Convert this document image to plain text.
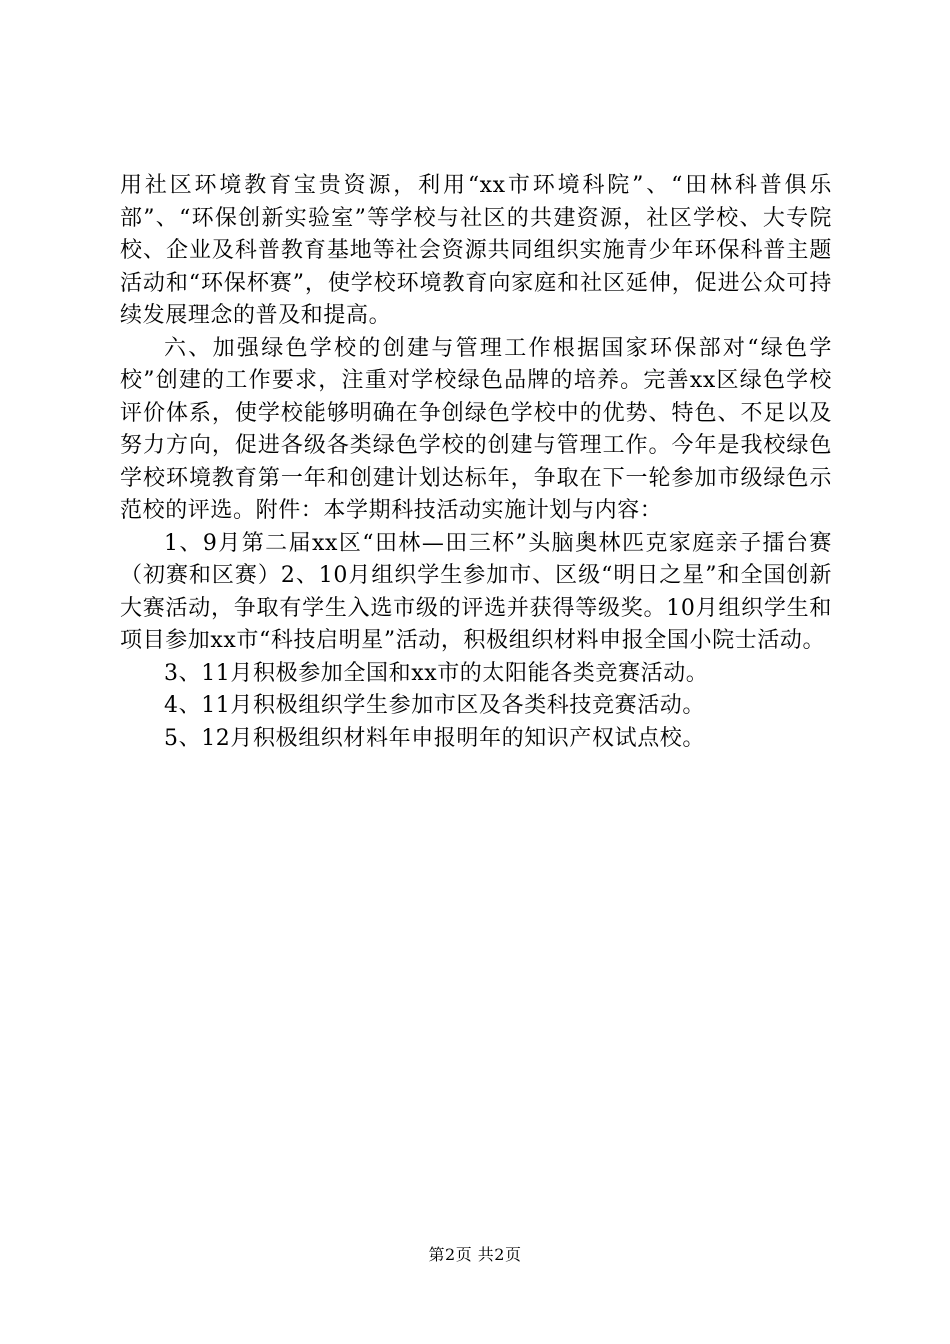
用社区环境教育宝贵资源，利用“xx市环境科院”、“田林科普俱乐部”、“环保创新实验室”等学校与社区的共建资源，社区学校、大专院校、企业及科普教育基地等社会资源共同组织实施青少年环保科普主题活动和“环保杯赛”，使学校环境教育向家庭和社区延伸，促进公众可持续发展理念的普及和提高。

六、加强绿色学校的创建与管理工作根据国家环保部对“绿色学校”创建的工作要求，注重对学校绿色品牌的培养。完善xx区绿色学校评价体系，使学校能够明确在争创绿色学校中的优势、特色、不足以及努力方向，促进各级各类绿色学校的创建与管理工作。今年是我校绿色学校环境教育第一年和创建计划达标年，争取在下一轮参加市级绿色示范校的评选。附件：本学期科技活动实施计划与内容：

1、9月第二届xx区“田林—田三杯”头脑奥林匹克家庭亲子擂台赛（初赛和区赛）2、10月组织学生参加市、区级“明日之星”和全国创新大赛活动，争取有学生入选市级的评选并获得等级奖。10月组织学生和项目参加xx市“科技启明星”活动，积极组织材料申报全国小院士活动。

3、11月积极参加全国和xx市的太阳能各类竞赛活动。

4、11月积极组织学生参加市区及各类科技竞赛活动。

5、12月积极组织材料年申报明年的知识产权试点校。

第2页 共2页
